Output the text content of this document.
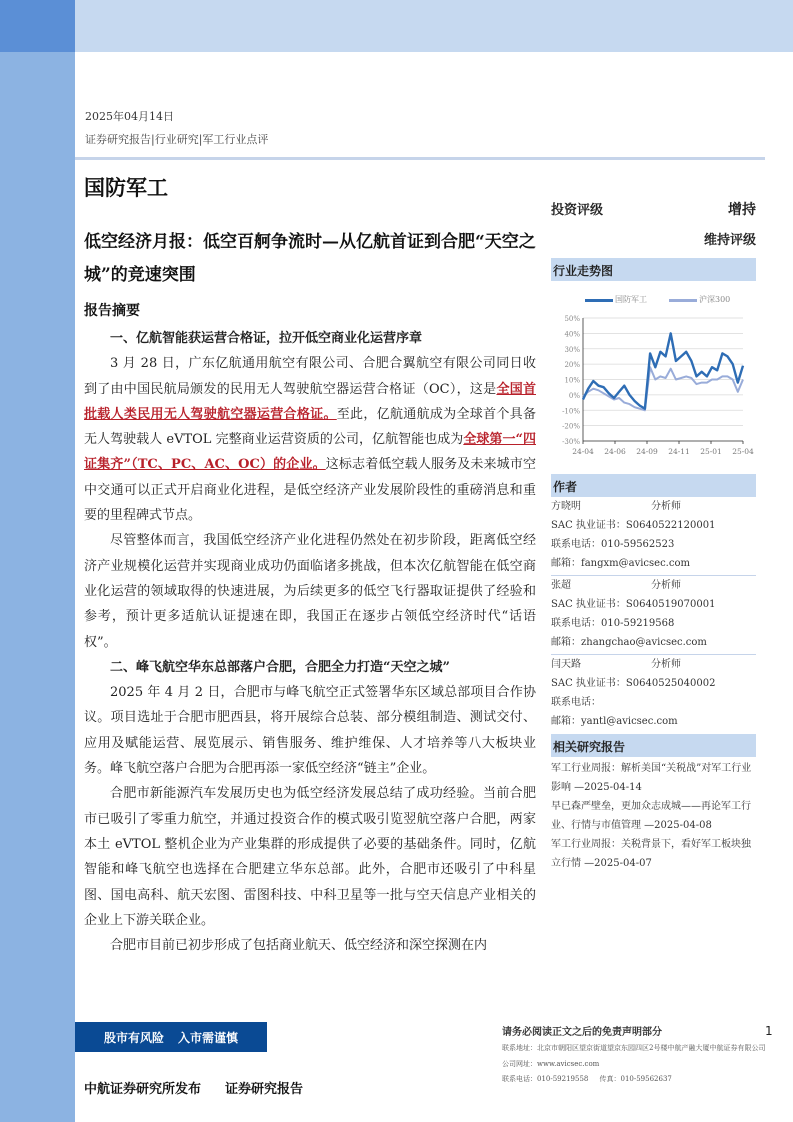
2025年04月14日
证券研究报告|行业研究|军工行业点评
国防军工
低空经济月报：低空百舸争流时—从亿航首证到合肥“天空之城”的竞速突围
报告摘要

一、亿航智能获运营合格证，拉开低空商业化运营序章

3 月 28 日，广东亿航通用航空有限公司、合肥合翼航空有限公司同日收到了由中国民航局颁发的民用无人驾驶航空器运营合格证（OC），这是全国首批载人类民用无人驾驶航空器运营合格证。至此，亿航通航成为全球首个具备无人驾驶载人 eVTOL 完整商业运营资质的公司，亿航智能也成为全球第一“四证集齐”（TC、PC、AC、OC）的企业。这标志着低空载人服务及未来城市空中交通可以正式开启商业化进程，是低空经济产业发展阶段性的重磅消息和重要的里程碑式节点。

尽管整体而言，我国低空经济产业化进程仍然处在初步阶段，距离低空经济产业规模化运营并实现商业成功仍面临诸多挑战，但本次亿航智能在低空商业化运营的领域取得的快速进展，为后续更多的低空飞行器取证提供了经验和参考，预计更多适航认证提速在即，我国正在逐步占领低空经济时代“话语权”。

二、峰飞航空华东总部落户合肥，合肥全力打造“天空之城”

2025 年 4 月 2 日，合肥市与峰飞航空正式签署华东区域总部项目合作协议。项目选址于合肥市肥西县，将开展综合总装、部分模组制造、测试交付、应用及赋能运营、展览展示、销售服务、维护维保、人才培养等八大板块业务。峰飞航空落户合肥为合肥再添一家低空经济“链主”企业。

合肥市新能源汽车发展历史也为低空经济发展总结了成功经验。当前合肥市已吸引了零重力航空，并通过投资合作的模式吸引览翌航空落户合肥，两家本土 eVTOL 整机企业为产业集群的形成提供了必要的基础条件。同时，亿航智能和峰飞航空也选择在合肥建立华东总部。此外，合肥市还吸引了中科星图、国电高科、航天宏图、雷图科技、中科卫星等一批与空天信息产业相关的企业上下游关联企业。

合肥市目前已初步形成了包括商业航天、低空经济和深空探测在内

投资评级	增持
维持评级
行业走势图
国防军工	沪深300
50%
40%
30%
20%
10%
0%
-10%
-20%
-30%
24-04 24-06 24-09 24-11 25-01 25-04
作者
方晓明	分析师
SAC 执业证书：S0640522120001
联系电话：010-59562523
邮箱：fangxm@avicsec.com
张超	分析师
SAC 执业证书：S0640519070001
联系电话：010-59219568
邮箱：zhangchao@avicsec.com
闫天路	分析师
SAC 执业证书：S0640525040002
联系电话：
邮箱：yantl@avicsec.com
相关研究报告
军工行业周报：解析美国“关税战”对军工行业影响 —2025-04-14
早已森严壁垒，更加众志成城——再论军工行业、行情与市值管理 —2025-04-08
军工行业周报：关税背景下，看好军工板块独立行情 —2025-04-07
股市有风险 入市需谨慎
中航证券研究所发布 证券研究报告
请务必阅读正文之后的免责声明部分
联系地址：北京市朝阳区望京街道望京东园四区2号楼中航产融大厦中航证券有限公司
公司网址：www.avicsec.com
联系电话：010-59219558 传真：010-59562637
1
